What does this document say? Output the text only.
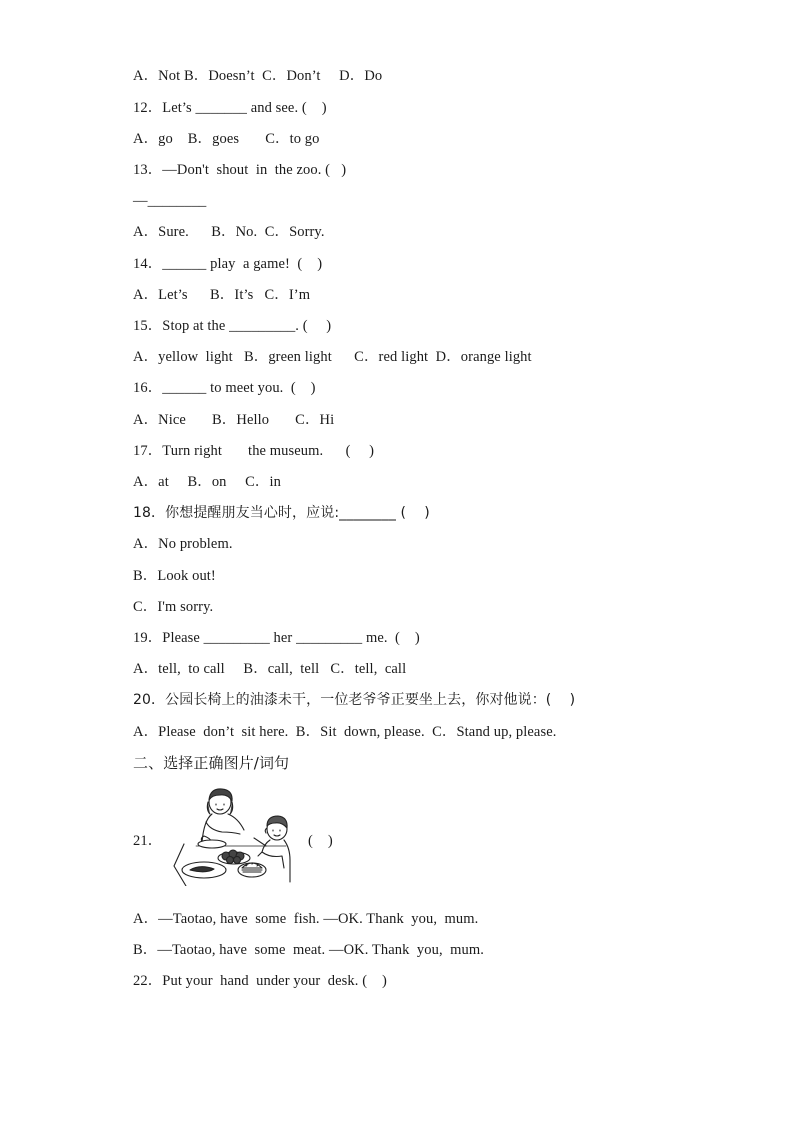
A．Not B．Doesn’t  C．Don’t     D．Do
12．Let’s _______ and see. (    )
A．go    B．goes       C．to go
13．—Don't  shout  in  the zoo. (   )
—________
A．Sure.      B．No.  C．Sorry.
14．______ play  a game!  (    )
A．Let’s      B．It’s   C．I’m
15．Stop at the _________. (     )
A．yellow  light   B．green light      C．red light  D．orange light
16．______ to meet you.  (    )
A．Nice       B．Hello       C．Hi
17．Turn right       the museum.      (     )
A．at     B．on     C．in
18．你想提醒朋友当心时，应说:________ (    )
A．No problem.
B．Look out!
C．I'm sorry.
19．Please _________ her _________ me.  (    )
A．tell,  to call     B．call,  tell   C．tell,  call
20．公园长椅上的油漆未干，一位老爷爷正要坐上去，你对他说：(    )
A．Please  don’t  sit here.  B．Sit  down, please.  C．Stand up, please.
二、选择正确图片/词句
21．	(    )
A．—Taotao, have  some  fish. —OK. Thank  you,  mum.
B．—Taotao, have  some  meat. —OK. Thank  you,  mum.
22．Put your  hand  under your  desk. (    )
